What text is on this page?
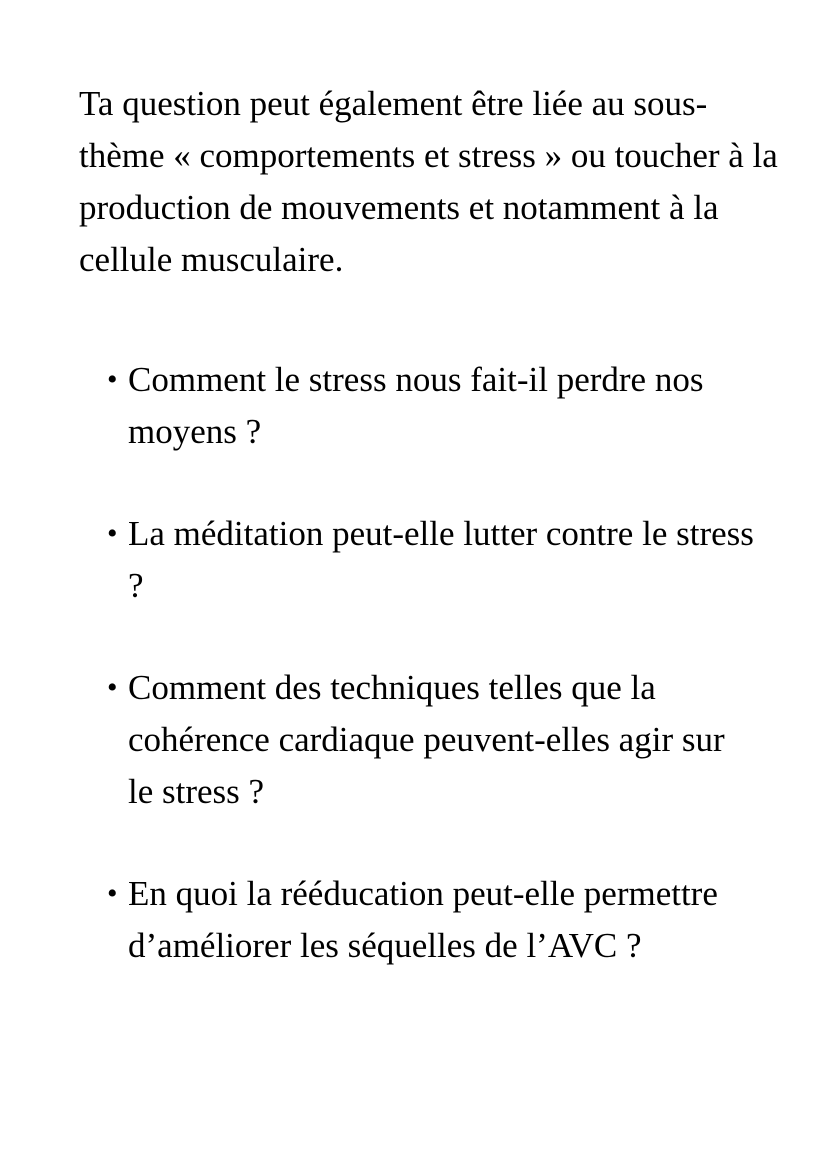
Ta question peut également être liée au sous-thème « comportements et stress » ou toucher à la production de mouvements et notamment à la cellule musculaire.

• Comment le stress nous fait-il perdre nos moyens ?
• La méditation peut-elle lutter contre le stress ?
• Comment des techniques telles que la cohérence cardiaque peuvent-elles agir sur le stress ?
• En quoi la rééducation peut-elle permettre d’améliorer les séquelles de l’AVC ?
